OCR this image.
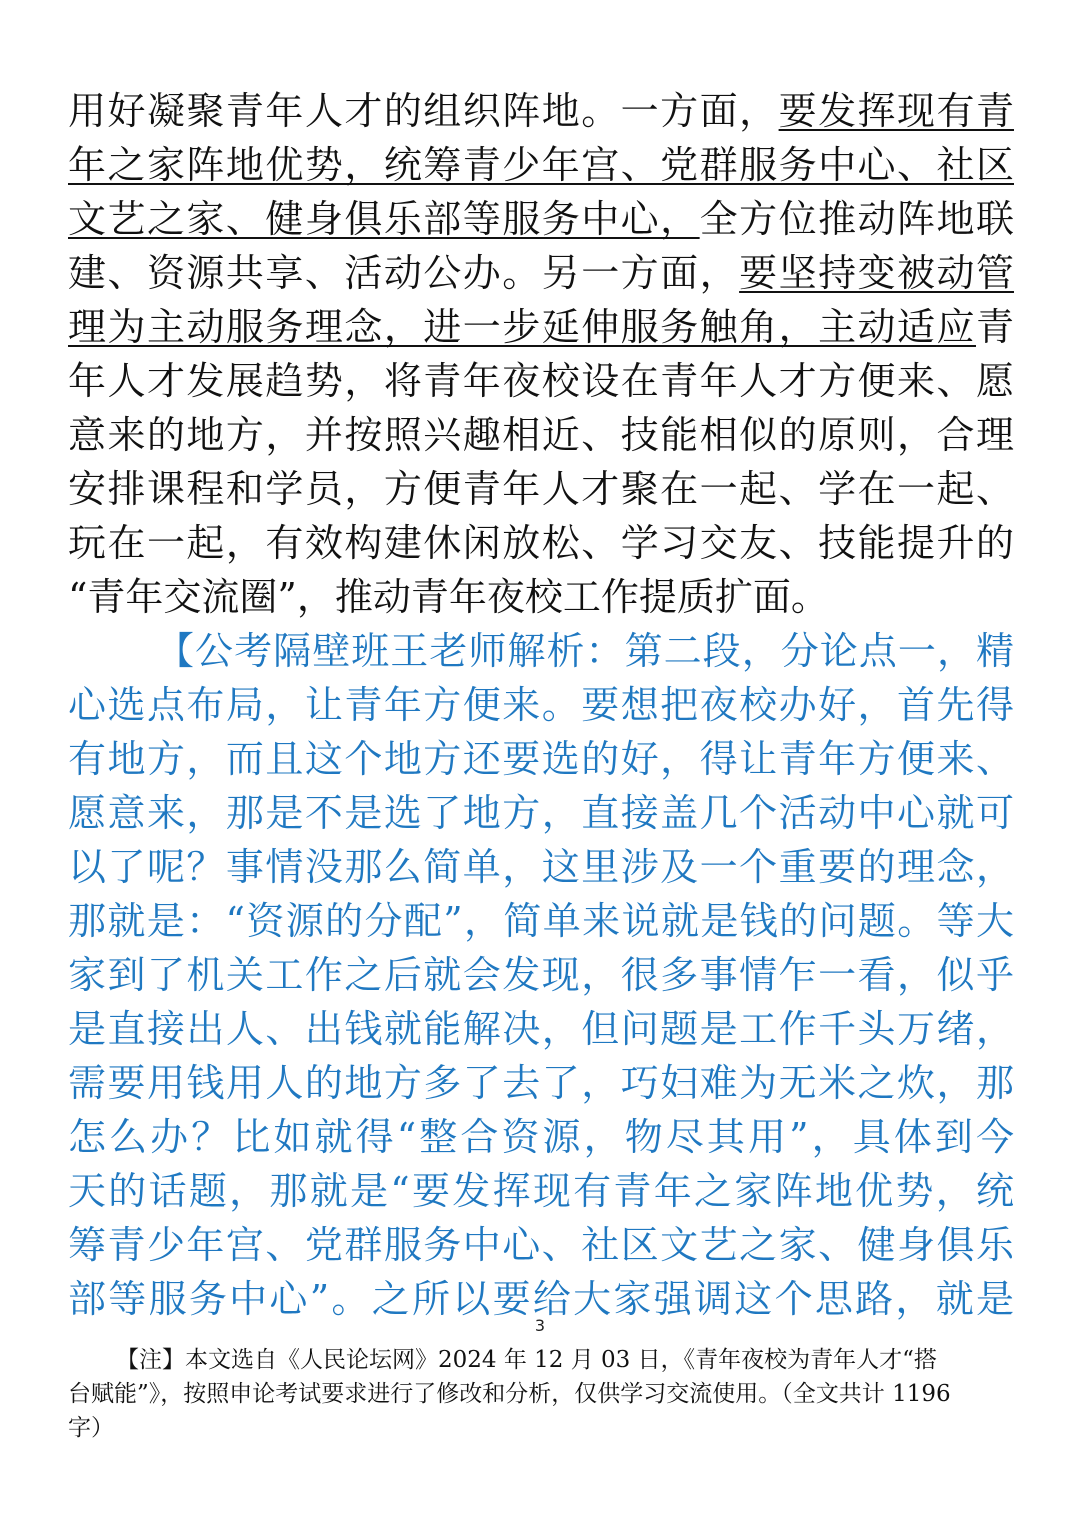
用好凝聚青年人才的组织阵地。一方面，要发挥现有青
年之家阵地优势，统筹青少年宫、党群服务中心、社区
文艺之家、健身俱乐部等服务中心，全方位推动阵地联
建、资源共享、活动公办。另一方面，要坚持变被动管
理为主动服务理念，进一步延伸服务触角，主动适应青
年人才发展趋势，将青年夜校设在青年人才方便来、愿
意来的地方，并按照兴趣相近、技能相似的原则，合理
安排课程和学员，方便青年人才聚在一起、学在一起、
玩在一起，有效构建休闲放松、学习交友、技能提升的
“青年交流圈”，推动青年夜校工作提质扩面。
【公考隔壁班王老师解析：第二段，分论点一，精
心选点布局，让青年方便来。要想把夜校办好，首先得
有地方，而且这个地方还要选的好，得让青年方便来、
愿意来，那是不是选了地方，直接盖几个活动中心就可
以了呢？事情没那么简单，这里涉及一个重要的理念，
那就是：“资源的分配”，简单来说就是钱的问题。等大
家到了机关工作之后就会发现，很多事情乍一看，似乎
是直接出人、出钱就能解决，但问题是工作千头万绪，
需要用钱用人的地方多了去了，巧妇难为无米之炊，那
怎么办？比如就得“整合资源，物尽其用”，具体到今
天的话题，那就是“要发挥现有青年之家阵地优势，统
筹青少年宫、党群服务中心、社区文艺之家、健身俱乐
部等服务中心”。之所以要给大家强调这个思路，就是
3
【注】本文选自《人民论坛网》2024 年 12 月 03 日，《青年夜校为青年人才“搭
台赋能”》，按照申论考试要求进行了修改和分析，仅供学习交流使用。（全文共计 1196
字）
